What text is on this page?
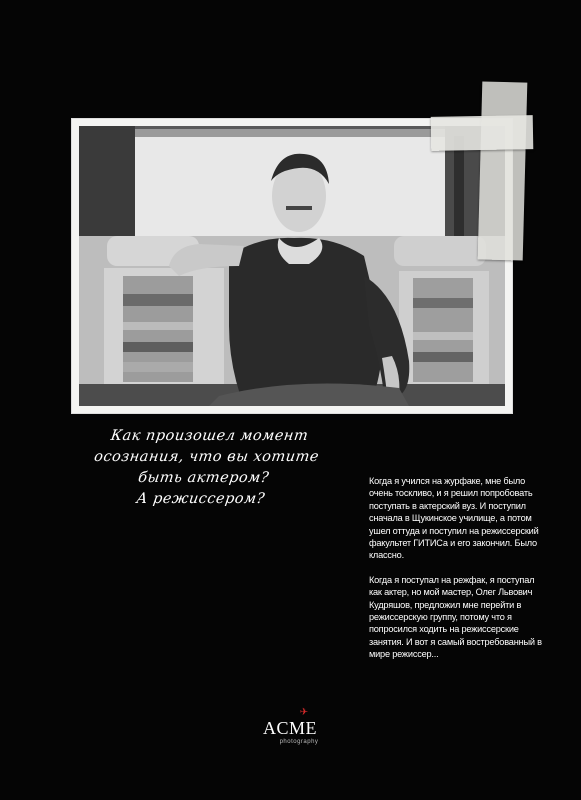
Как произошел момент
осознания, что вы хотите
быть актером?
А режиссером?

Когда я учился на журфаке, мне было очень тоскливо, и я решил попробовать поступать в актерский вуз. И поступил сначала в Щукинское училище, а потом ушел оттуда и поступил на режиссерский факультет ГИТИСа и его закончил. Было классно.

Когда я поступал на режфак, я поступал как актер, но мой мастер, Олег Львович Кудряшов, предложил мне перейти в режиссерскую группу, потому что я попросился ходить на режиссерские занятия. И вот я самый востребованный в мире режиссер...

✈
ACME
photography
